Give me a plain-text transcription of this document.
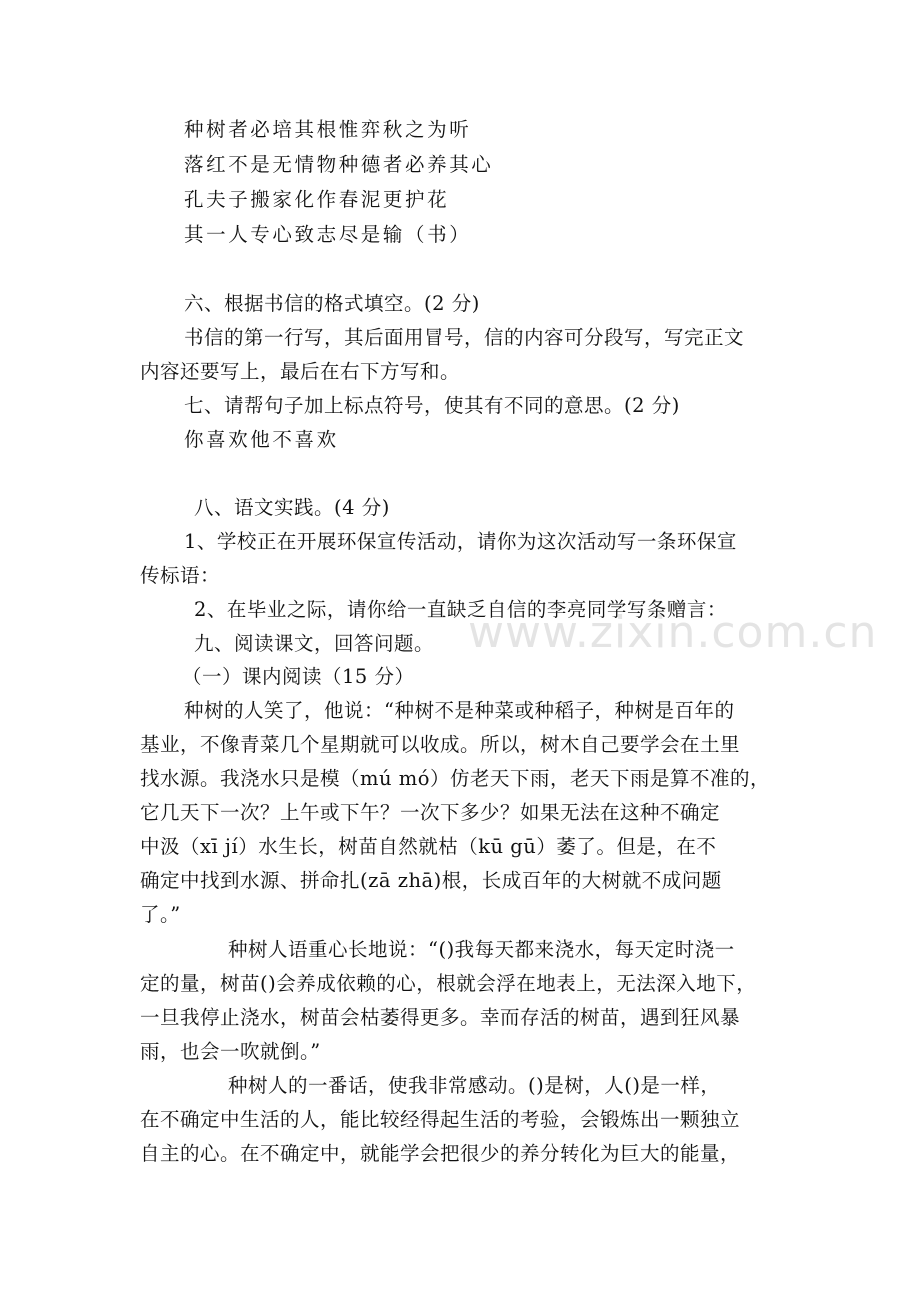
www.zixin.com.cn
种树者必培其根惟弈秋之为听
落红不是无情物种德者必养其心
孔夫子搬家化作春泥更护花
其一人专心致志尽是输（书）
六、根据书信的格式填空。(2 分)
书信的第一行写，其后面用冒号，信的内容可分段写，写完正文
内容还要写上，最后在右下方写和。
七、请帮句子加上标点符号，使其有不同的意思。(2 分)
你喜欢他不喜欢
八、语文实践。(4 分)
1、学校正在开展环保宣传活动，请你为这次活动写一条环保宣
传标语：
2、在毕业之际，请你给一直缺乏自信的李亮同学写条赠言：
九、阅读课文，回答问题。
（一）课内阅读（15 分）
种树的人笑了，他说：“种树不是种菜或种稻子，种树是百年的
基业，不像青菜几个星期就可以收成。所以，树木自己要学会在土里
找水源。我浇水只是模（mú mó）仿老天下雨，老天下雨是算不准的，
它几天下一次？上午或下午？一次下多少？如果无法在这种不确定
中汲（xī jí）水生长，树苗自然就枯（kū gū）萎了。但是，在不
确定中找到水源、拼命扎(zā zhā)根，长成百年的大树就不成问题
了。”
种树人语重心长地说：“()我每天都来浇水，每天定时浇一
定的量，树苗()会养成依赖的心，根就会浮在地表上，无法深入地下，
一旦我停止浇水，树苗会枯萎得更多。幸而存活的树苗，遇到狂风暴
雨，也会一吹就倒。”
种树人的一番话，使我非常感动。()是树，人()是一样，
在不确定中生活的人，能比较经得起生活的考验，会锻炼出一颗独立
自主的心。在不确定中，就能学会把很少的养分转化为巨大的能量，
